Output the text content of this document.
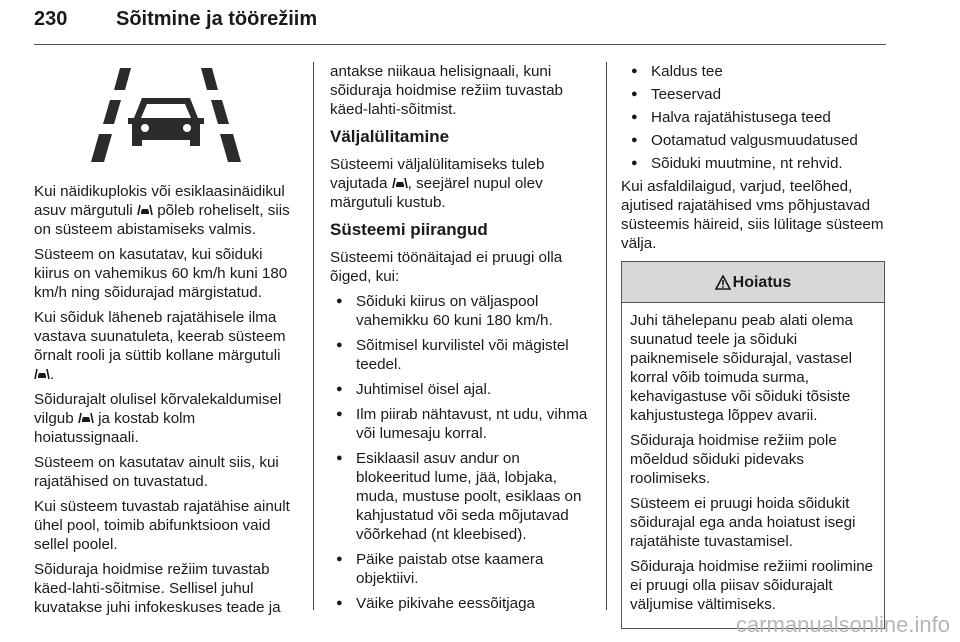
230 Sõitmine ja töörežiim

Kui näidikuplokis või esiklaasinäidikul asuv märgutuli  põleb roheliselt, siis on süsteem abistamiseks valmis.

Süsteem on kasutatav, kui sõiduki kiirus on vahemikus 60 km/h kuni 180 km/h ning sõidurajad märgistatud.

Kui sõiduk läheneb rajatähisele ilma vastava suunatuleta, keerab süsteem õrnalt rooli ja süttib kollane märgutuli .

Sõidurajalt olulisel kõrvalekaldumisel vilgub  ja kostab kolm hoiatussignaali.

Süsteem on kasutatav ainult siis, kui rajatähised on tuvastatud.

Kui süsteem tuvastab rajatähise ainult ühel pool, toimib abifunktsioon vaid sellel poolel.

Sõiduraja hoidmise režiim tuvastab käed-lahti-sõitmise. Sellisel juhul kuvatakse juhi infokeskuses teade ja

antakse niikaua helisignaali, kuni sõiduraja hoidmise režiim tuvastab käed-lahti-sõitmist.

Väljalülitamine

Süsteemi väljalülitamiseks tuleb vajutada , seejärel nupul olev märgutuli kustub.

Süsteemi piirangud

Süsteemi töönäitajad ei pruugi olla õiged, kui:

● Sõiduki kiirus on väljaspool vahemikku 60 kuni 180 km/h.
● Sõitmisel kurvilistel või mägistel teedel.
● Juhtimisel öisel ajal.
● Ilm piirab nähtavust, nt udu, vihma või lumesaju korral.
● Esiklaasil asuv andur on blokeeritud lume, jää, lobjaka, muda, mustuse poolt, esiklaas on kahjustatud või seda mõjutavad võõrkehad (nt kleebised).
● Päike paistab otse kaamera objektiivi.
● Väike pikivahe eessõitjaga
● Kaldus tee
● Teeservad
● Halva rajatähistusega teed
● Ootamatud valgusmuudatused
● Sõiduki muutmine, nt rehvid.

Kui asfaldilaigud, varjud, teelõhed, ajutised rajatähised vms põhjustavad süsteemis häireid, siis lülitage süsteem välja.

Hoiatus

Juhi tähelepanu peab alati olema suunatud teele ja sõiduki paiknemisele sõidurajal, vastasel korral võib toimuda surma, kehavigastuse või sõiduki tõsiste kahjustustega lõppev avarii.

Sõiduraja hoidmise režiim pole mõeldud sõiduki pidevaks roolimiseks.

Süsteem ei pruugi hoida sõidukit sõidurajal ega anda hoiatust isegi rajatähiste tuvastamisel.

Sõiduraja hoidmise režiimi roolimine ei pruugi olla piisav sõidurajalt väljumise vältimiseks.

carmanualsonline.info
